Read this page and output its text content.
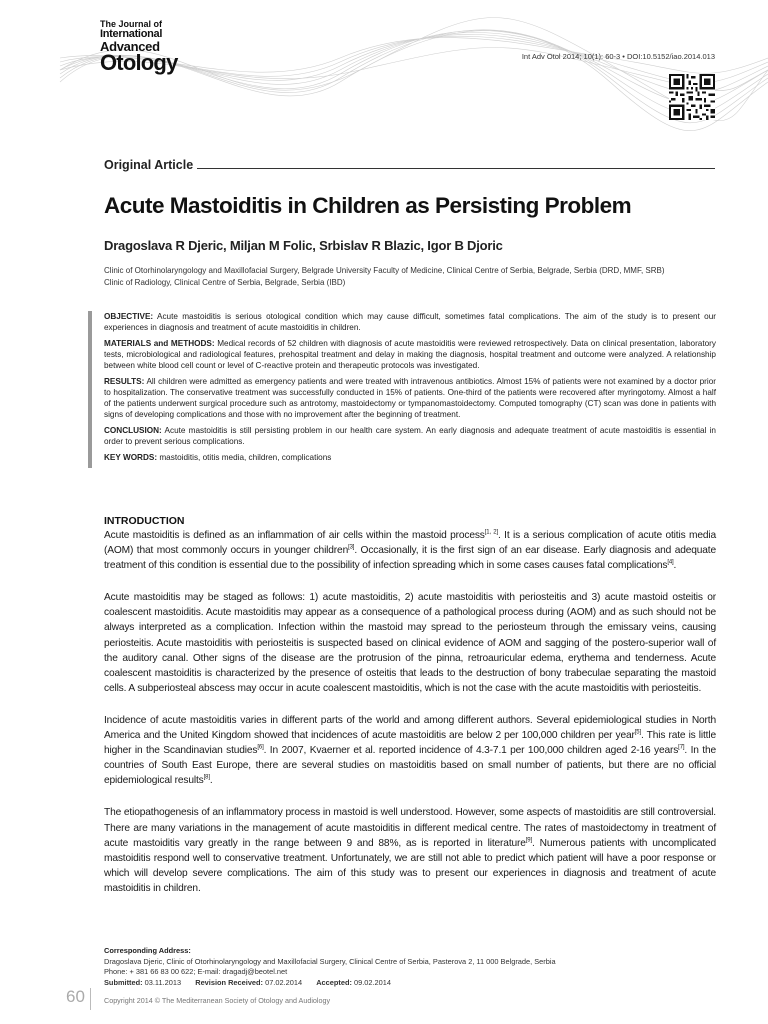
The Journal of
International
Advanced
Otology	Int Adv Otol 2014; 10(1): 60-3 • DOI:10.5152/iao.2014.013
Original Article
Acute Mastoiditis in Children as Persisting Problem
Dragoslava R Djeric, Miljan M Folic, Srbislav R Blazic, Igor B Djoric
Clinic of Otorhinolaryngology and Maxillofacial Surgery, Belgrade University Faculty of Medicine, Clinical Centre of Serbia, Belgrade, Serbia (DRD, MMF, SRB)
Clinic of Radiology, Clinical Centre of Serbia, Belgrade, Serbia (IBD)

OBJECTIVE: Acute mastoiditis is serious otological condition which may cause difficult, sometimes fatal complications. The aim of the study is to present our experiences in diagnosis and treatment of acute mastoiditis in children.

MATERIALS and METHODS: Medical records of 52 children with diagnosis of acute mastoiditis were reviewed retrospectively. Data on clinical presentation, laboratory tests, microbiological and radiological features, prehospital treatment and delay in making the diagnosis, hospital treatment and outcome were analyzed. A relationship between white blood cell count or level of C-reactive protein and therapeutic protocols was investigated.

RESULTS: All children were admitted as emergency patients and were treated with intravenous antibiotics. Almost 15% of patients were not examined by a doctor prior to hospitalization. The conservative treatment was successfully conducted in 15% of patients. One-third of the patients were recovered after myringotomy. Almost a half of the patients underwent surgical procedure such as antrotomy, mastoidectomy or tympanomastoidectomy. Computed tomography (CT) scan was done in patients with signs of developing complications and those with no improvement after the beginning of treatment.

CONCLUSION: Acute mastoiditis is still persisting problem in our health care system. An early diagnosis and adequate treatment of acute mastoiditis is essential in order to prevent serious complications.

KEY WORDS: mastoiditis, otitis media, children, complications

INTRODUCTION

Acute mastoiditis is defined as an inflammation of air cells within the mastoid process[1, 2]. It is a serious complication of acute otitis media (AOM) that most commonly occurs in younger children[3]. Occasionally, it is the first sign of an ear disease. Early diagnosis and adequate treatment of this condition is essential due to the possibility of infection spreading which in some cases causes fatal complications[4].

Acute mastoiditis may be staged as follows: 1) acute mastoiditis, 2) acute mastoiditis with periosteitis and 3) acute mastoid osteitis or coalescent mastoiditis. Acute mastoiditis may appear as a consequence of a pathological process during (AOM) and as such should not be always interpreted as a complication. Infection within the mastoid may spread to the periosteum through the emissary veins, causing periosteitis. Acute mastoiditis with periosteitis is suspected based on clinical evidence of AOM and sagging of the postero-superior wall of the auditory canal. Other signs of the disease are the protrusion of the pinna, retroauricular edema, erythema and tenderness. Acute coalescent mastoiditis is characterized by the presence of osteitis that leads to the destruction of bony trabeculae separating the mastoid cells. A subperiosteal abscess may occur in acute coalescent mastoiditis, which is not the case with the acute mastoiditis with periosteitis.

Incidence of acute mastoiditis varies in different parts of the world and among different authors. Several epidemiological studies in North America and the United Kingdom showed that incidences of acute mastoiditis are below 2 per 100,000 children per year[5]. This rate is little higher in the Scandinavian studies[6]. In 2007, Kvaerner et al. reported incidence of 4.3-7.1 per 100,000 children aged 2-16 years[7]. In the countries of South East Europe, there are several studies on mastoiditis based on small number of patients, but there are no official epidemiological results[8].

The etiopathogenesis of an inflammatory process in mastoid is well understood. However, some aspects of mastoiditis are still controversial. There are many variations in the management of acute mastoiditis in different medical centre. The rates of mastoidectomy in treatment of acute mastoiditis vary greatly in the range between 9 and 88%, as is reported in literature[9]. Numerous patients with uncomplicated mastoiditis respond well to conservative treatment. Unfortunately, we are still not able to predict which patient will have a poor response or which will develop severe complications. The aim of this study was to present our experiences in diagnosis and treatment of acute mastoiditis in children.

Corresponding Address:
Dragoslava Djeric, Clinic of Otorhinolaryngology and Maxillofacial Surgery, Clinical Centre of Serbia, Pasterova 2, 11 000 Belgrade, Serbia
Phone: + 381 66 83 00 622; E-mail: dragadj@beotel.net
Submitted: 03.11.2013 Revision Received: 07.02.2014 Accepted: 09.02.2014
60	Copyright 2014 © The Mediterranean Society of Otology and Audiology
